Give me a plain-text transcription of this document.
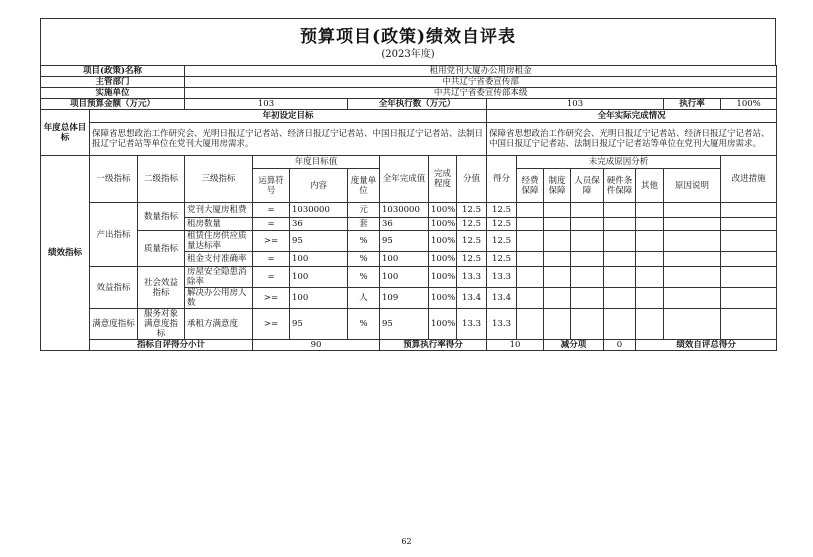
预算项目(政策)绩效自评表
(2023年度)
项目(政策)名称			租用党刊大厦办公用房租金															
主管部门			中共辽宁省委宣传部															
实施单位			中共辽宁省委宣传部本级															
项目预算金额（万元）			103			全年执行数（万元）				103						执行率	100%	
年度总体目标	年初设定目标									全年实际完成情况								
	保障省思想政治工作研究会、光明日报辽宁记者站、经济日报辽宁记者站、中国日报辽宁记者站、法制日报辽宁记者站等单位在党刊大厦用房需求。									保障省思想政治工作研究会、光明日报辽宁记者站、经济日报辽宁记者站、中国日报辽宁记者站、法制日报辽宁记者站等单位在党刊大厦用房需求。								
绩效指标	一级指标	二级指标	三级指标	年度目标值			全年完成值	完成程度	分值	得分	未完成原因分析						改进措施	
				运算符号	内容	度量单位					经费保障	制度保障	人员保障	硬件条件保障	其他	原因说明		
	产出指标	数量指标	党刊大厦房租费	=	1030000	元	1030000	100%	12.5	12.5								
			租房数量	=	36	套	36	100%	12.5	12.5								
		质量指标	租赁住房供应质量达标率	>=	95	%	95	100%	12.5	12.5								
			租金支付准确率	=	100	%	100	100%	12.5	12.5								
	效益指标	社会效益指标	房屋安全隐患消除率	=	100	%	100	100%	13.3	13.3								
			解决办公用房人数	>=	100	人	109	100%	13.4	13.4								
	满意度指标	服务对象满意度指标	承租方满意度	>=	95	%	95	100%	13.3	13.3								
	指标自评得分小计			90			预算执行率得分			10		减分项		0	绩效自评总得分	
62
